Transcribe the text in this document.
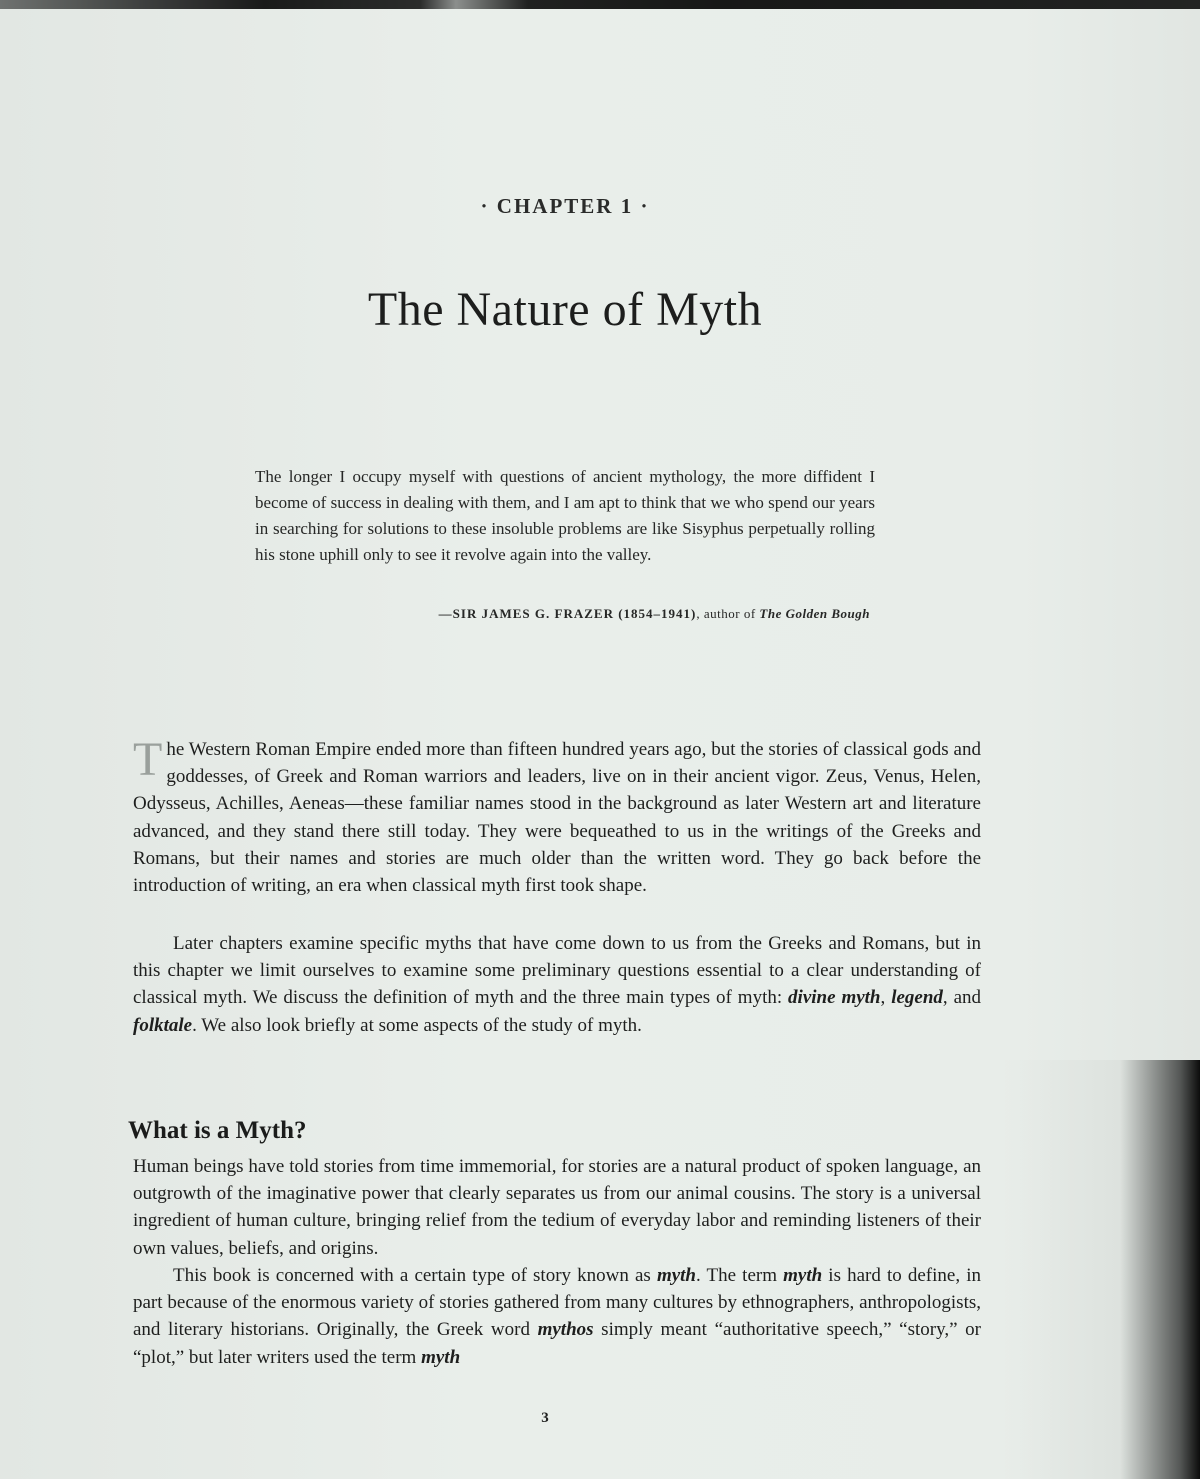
· CHAPTER 1 ·
The Nature of Myth
The longer I occupy myself with questions of ancient mythology, the more diffident I become of success in dealing with them, and I am apt to think that we who spend our years in searching for solutions to these insoluble problems are like Sisyphus perpetually rolling his stone uphill only to see it revolve again into the valley.
—SIR JAMES G. FRAZER (1854–1941), author of The Golden Bough
The Western Roman Empire ended more than fifteen hundred years ago, but the stories of classical gods and goddesses, of Greek and Roman warriors and leaders, live on in their ancient vigor. Zeus, Venus, Helen, Odysseus, Achilles, Aeneas—these familiar names stood in the background as later Western art and literature advanced, and they stand there still today. They were bequeathed to us in the writings of the Greeks and Romans, but their names and stories are much older than the written word. They go back before the introduction of writing, an era when classical myth first took shape.
Later chapters examine specific myths that have come down to us from the Greeks and Romans, but in this chapter we limit ourselves to examine some preliminary questions essential to a clear understanding of classical myth. We discuss the definition of myth and the three main types of myth: divine myth, legend, and folktale. We also look briefly at some aspects of the study of myth.
What is a Myth?
Human beings have told stories from time immemorial, for stories are a natural product of spoken language, an outgrowth of the imaginative power that clearly separates us from our animal cousins. The story is a universal ingredient of human culture, bringing relief from the tedium of everyday labor and reminding listeners of their own values, beliefs, and origins.
This book is concerned with a certain type of story known as myth. The term myth is hard to define, in part because of the enormous variety of stories gathered from many cultures by ethnographers, anthropologists, and literary historians. Originally, the Greek word mythos simply meant “authoritative speech,” “story,” or “plot,” but later writers used the term myth
3
